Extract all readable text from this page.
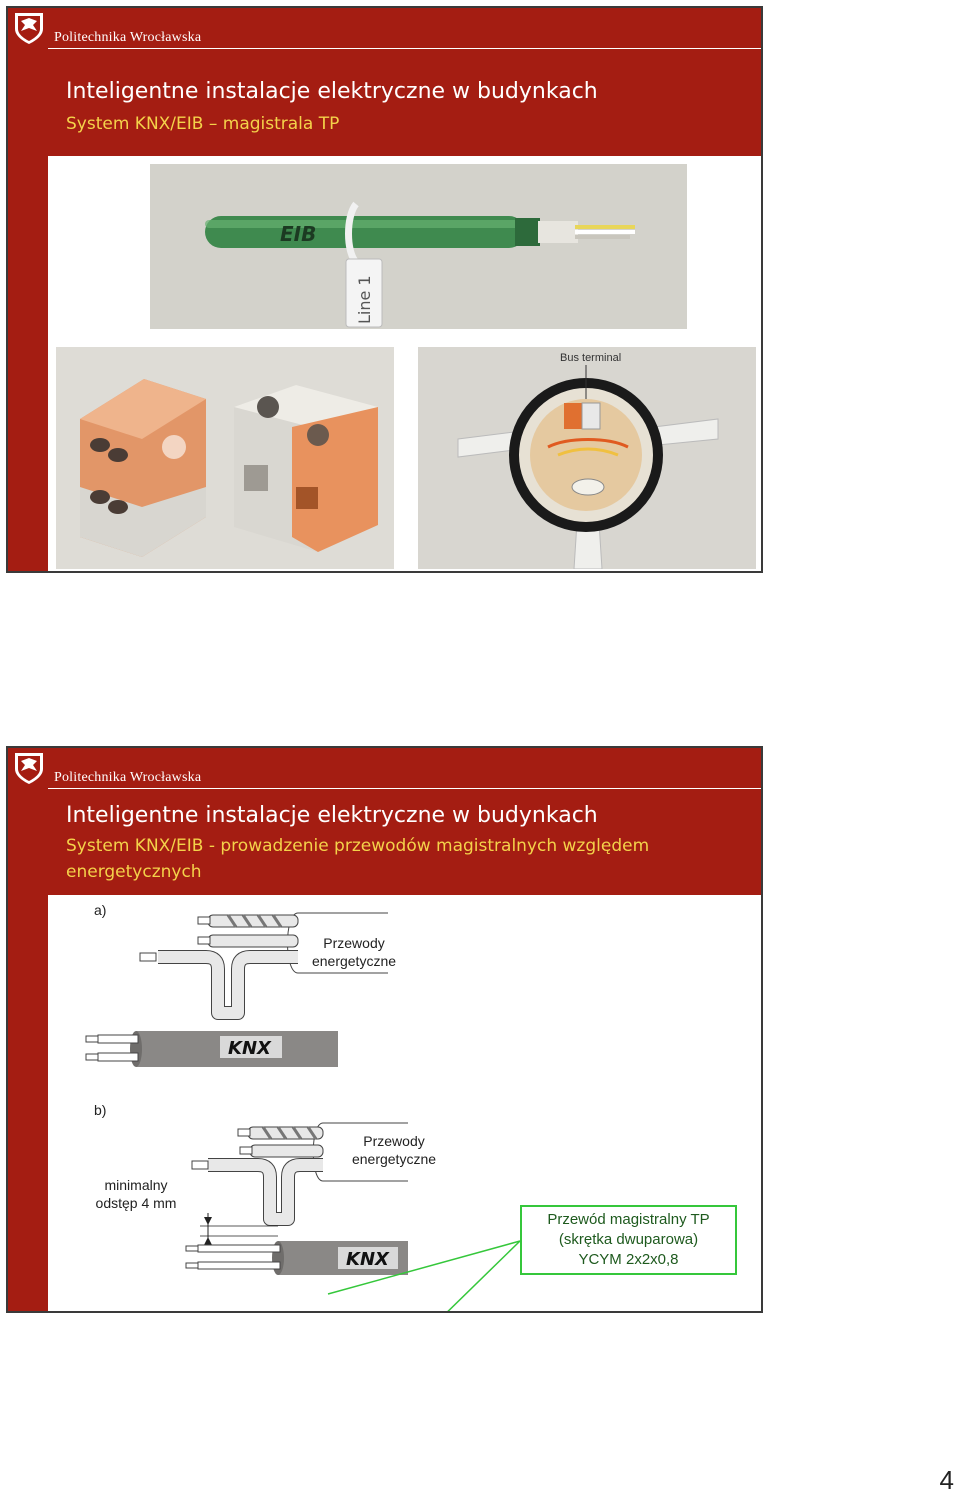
Politechnika Wrocławska
Inteligentne instalacje elektryczne w budynkach
System KNX/EIB – magistrala TP
EIB
Line 1
Bus terminal
Politechnika Wrocławska
Inteligentne instalacje elektryczne w budynkach
System KNX/EIB - prowadzenie przewodów magistralnych względem energetycznych
a)
b)
KNX
Przewody energetyczne
KNX
Przewody energetyczne
minimalny odstęp 4 mm
Przewód magistralny TP
(skrętka dwuparowa)
YCYM 2x2x0,8
4
